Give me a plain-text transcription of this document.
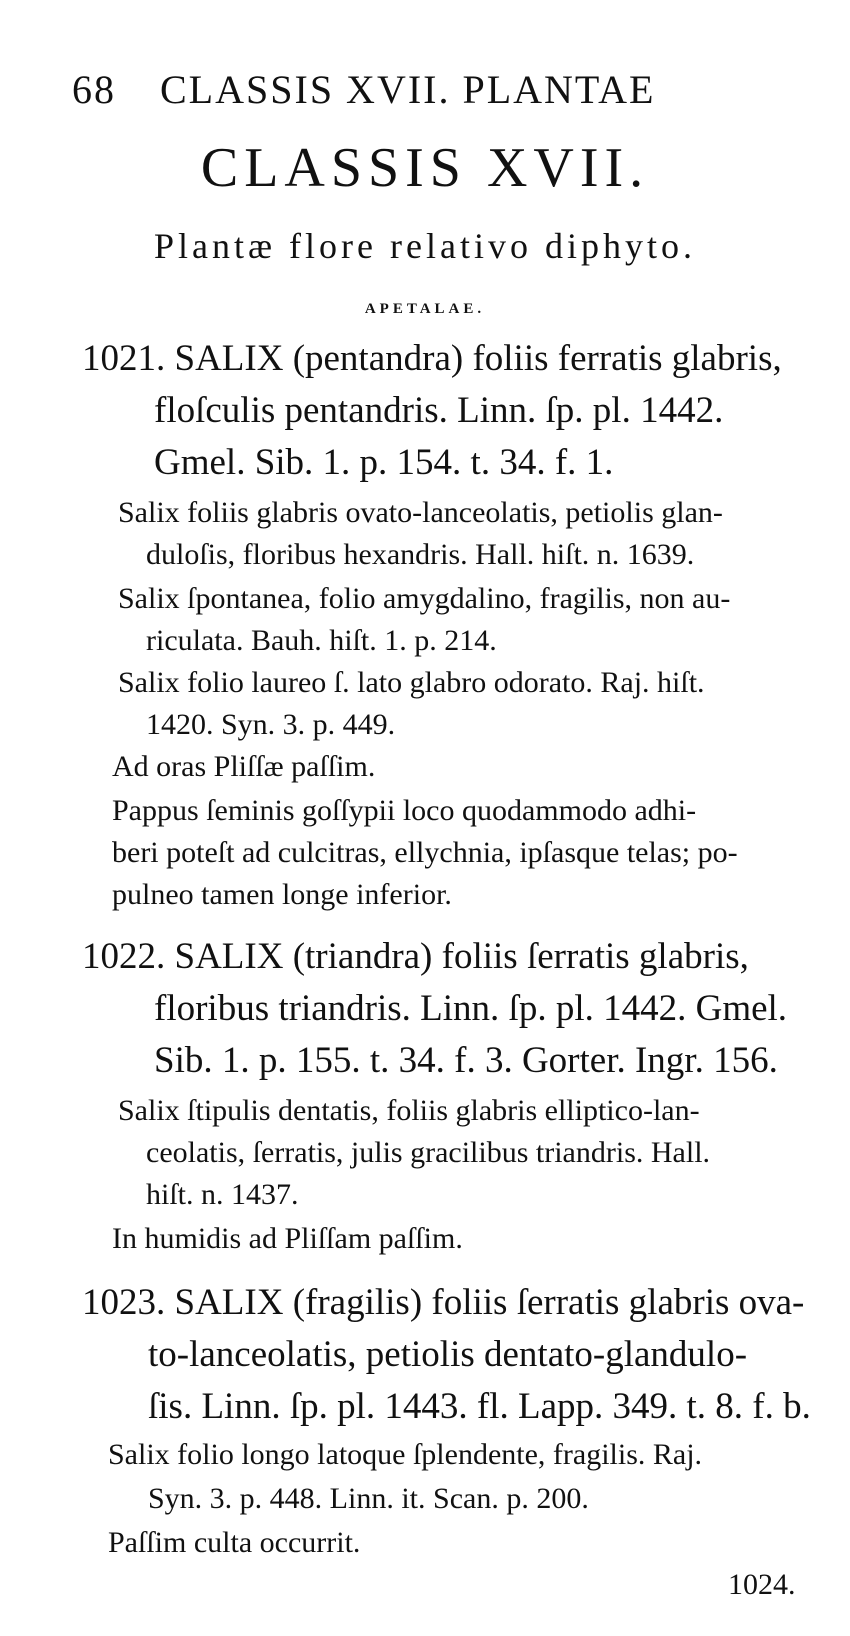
68 CLASSIS XVII. PLANTAE
CLASSIS XVII.
Plantæ flore relativo diphyto.
APETALAE.
1021. SALIX (pentandra) foliis ferratis glabris,
floſculis pentandris. Linn. ſp. pl. 1442.
Gmel. Sib. 1. p. 154. t. 34. f. 1.
Salix foliis glabris ovato-lanceolatis, petiolis glan-
duloſis, floribus hexandris. Hall. hiſt. n. 1639.
Salix ſpontanea, folio amygdalino, fragilis, non au-
riculata. Bauh. hiſt. 1. p. 214.
Salix folio laureo ſ. lato glabro odorato. Raj. hiſt.
1420. Syn. 3. p. 449.
Ad oras Pliſſæ paſſim.
Pappus ſeminis goſſypii loco quodammodo adhi-
beri poteſt ad culcitras, ellychnia, ipſasque telas; po-
pulneo tamen longe inferior.
1022. SALIX (triandra) foliis ſerratis glabris,
floribus triandris. Linn. ſp. pl. 1442. Gmel.
Sib. 1. p. 155. t. 34. f. 3. Gorter. Ingr. 156.
Salix ſtipulis dentatis, foliis glabris elliptico-lan-
ceolatis, ſerratis, julis gracilibus triandris. Hall.
hiſt. n. 1437.
In humidis ad Pliſſam paſſim.
1023. SALIX (fragilis) foliis ſerratis glabris ova-
to-lanceolatis, petiolis dentato-glandulo-
ſis. Linn. ſp. pl. 1443. fl. Lapp. 349. t. 8. f. b.
Salix folio longo latoque ſplendente, fragilis. Raj.
Syn. 3. p. 448. Linn. it. Scan. p. 200.
Paſſim culta occurrit.
1024.
